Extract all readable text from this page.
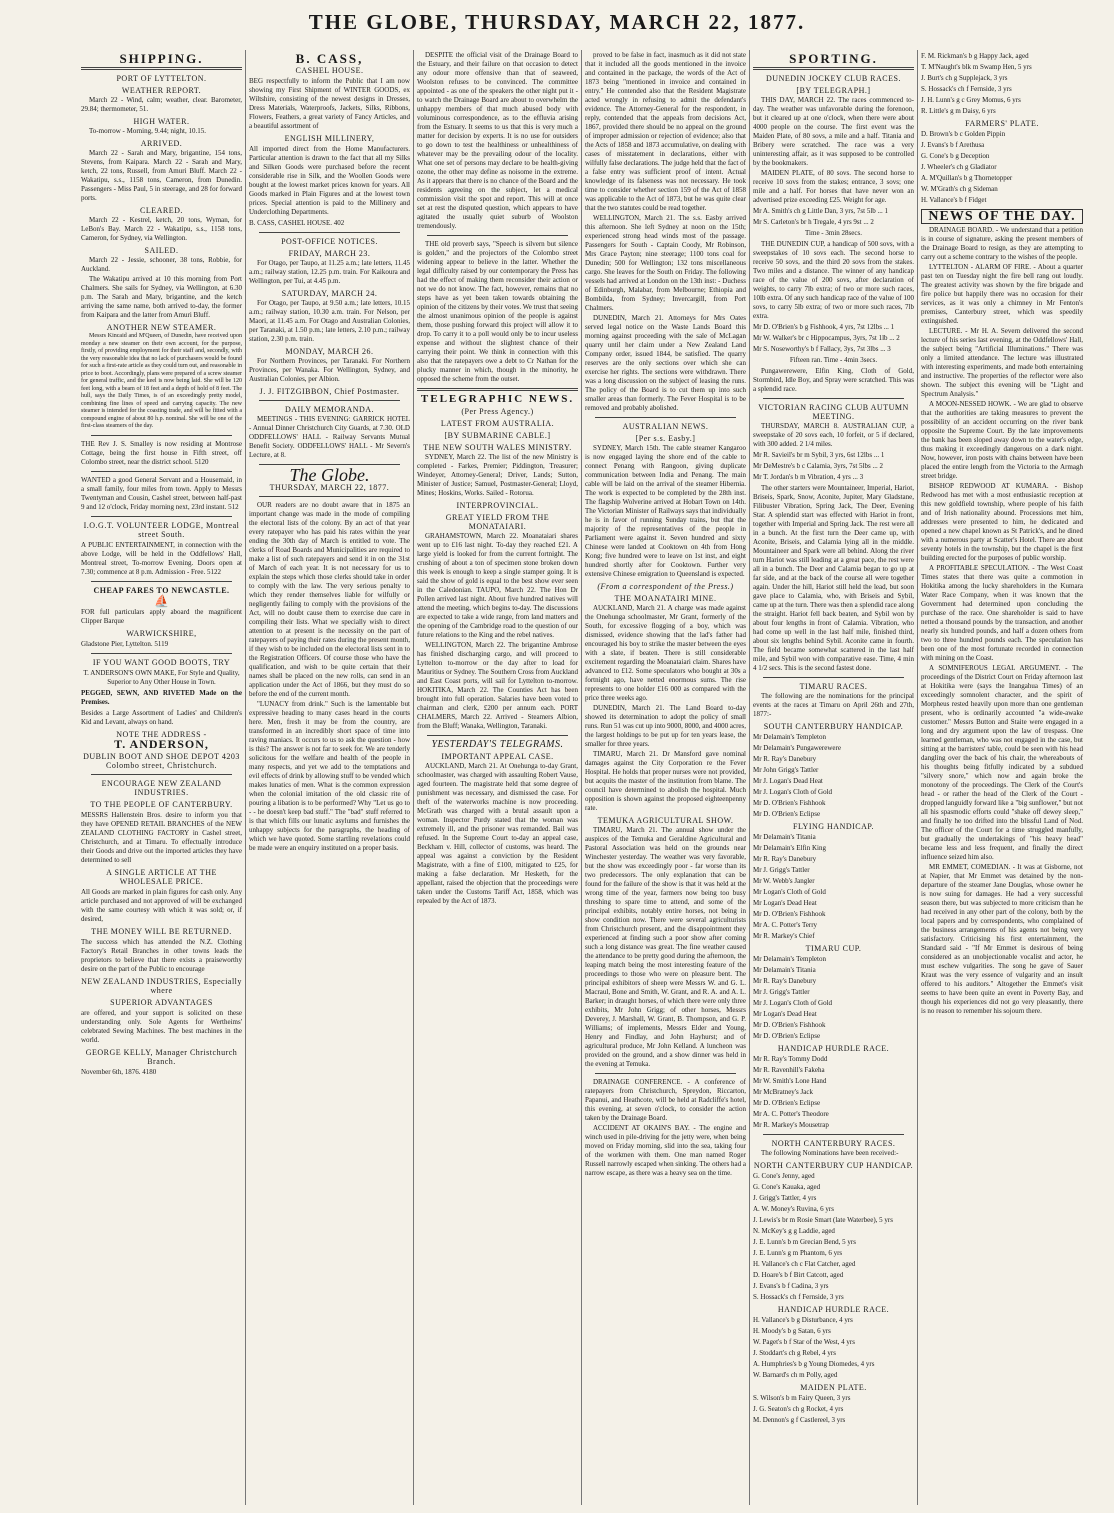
THE GLOBE, THURSDAY, MARCH 22, 1877.
SHIPPING.
PORT OF LYTTELTON.
WEATHER REPORT.
March 22 - Wind, calm; weather, clear. Barometer, 29.84; thermometer, 51.
HIGH WATER.
To-morrow - Morning, 9.44; night, 10.15.
ARRIVED.
March 22 - Sarah and Mary, brigantine, 154 tons, Stevens, from Kaipara. March 22 - Sarah and Mary, ketch, 22 tons, Russell, from Amuri Bluff. March 22 - Wakatipu, s.s., 1158 tons, Cameron, from Dunedin. Passengers - Miss Paul, 5 in steerage, and 28 for forward ports.
CLEARED.
March 22 - Kestrel, ketch, 20 tons, Wyman, for LeBon's Bay. March 22 - Wakatipu, s.s., 1158 tons, Cameron, for Sydney, via Wellington.
SAILED.
March 22 - Jessie, schooner, 38 tons, Robbie, for Auckland.
The Wakatipu arrived at 10 this morning from Port Chalmers. She sails for Sydney, via Wellington, at 6.30 p.m. The Sarah and Mary, brigantine, and the ketch arriving the same name, both arrived to-day, the former from Kaipara and the latter from Amuri Bluff.
ANOTHER NEW STEAMER.
Messrs Kincaid and M'Queen, of Dunedin, have received upon monday a new steamer on their own account, for the purpose, firstly, of providing employment for their staff and, secondly, with the very reasonable idea that no lack of purchasers would be found for such a first-rate article as they could turn out, and reasonable in price to boot. Accordingly, plans were prepared of a screw steamer for general traffic, and the keel is now being laid. She will be 120 feet long, with a beam of 18 feet and a depth of hold of 8 feet. The hull, says the Daily Times, is of an exceedingly pretty model, combining fine lines of speed and carrying capacity. The new steamer is intended for the coasting trade, and will be fitted with a compound engine of about 80 h.p. nominal. She will be one of the first-class steamers of the day.
THE Rev J. S. Smalley is now residing at Montrose Cottage, being the first house in Fifth street, off Colombo street, near the district school. 5120
WANTED a good General Servant and a Housemaid, in a small family, four miles from town. Apply to Messrs Twentyman and Cousin, Cashel street, between half-past 9 and 12 o'clock, Friday morning next, 23rd instant. 512
I.O.G.T. VOLUNTEER LODGE, Montreal street South.
A PUBLIC ENTERTAINMENT, in connection with the above Lodge, will be held in the Oddfellows' Hall, Montreal street, To-morrow Evening. Doors open at 7.30; commence at 8 p.m. Admission - Free. 5122
CHEAP FARES TO NEWCASTLE.
⛵
FOR full particulars apply aboard the magnificent Clipper Barque
WARWICKSHIRE,
Gladstone Pier, Lyttelton. 5119
IF YOU WANT GOOD BOOTS, TRY
T. ANDERSON'S OWN MAKE, For Style and Quality, Superior to Any Other House in Town.
PEGGED, SEWN, AND RIVETED Made on the Premises.
Besides a Large Assortment of Ladies' and Children's Kid and Levant, always on hand.
NOTE THE ADDRESS -
T. ANDERSON,
DUBLIN BOOT AND SHOE DEPOT 4203 Colombo street, Christchurch.
ENCOURAGE NEW ZEALAND INDUSTRIES.
TO THE PEOPLE OF CANTERBURY.
MESSRS Hallenstein Bros. desire to inform you that they have OPENED RETAIL BRANCHES of the NEW ZEALAND CLOTHING FACTORY in Cashel street, Christchurch, and at Timaru. To effectually introduce their Goods and drive out the imported articles they have determined to sell
A SINGLE ARTICLE AT THE WHOLESALE PRICE.
All Goods are marked in plain figures for cash only. Any article purchased and not approved of will be exchanged with the same courtesy with which it was sold; or, if desired,
THE MONEY WILL BE RETURNED.
The success which has attended the N.Z. Clothing Factory's Retail Branches in other towns leads the proprietors to believe that there exists a praiseworthy desire on the part of the Public to encourage
NEW ZEALAND INDUSTRIES, Especially where
SUPERIOR ADVANTAGES
are offered, and your support is solicited on these understanding only. Sole Agents for Wertheims' celebrated Sewing Machines. The best machines in the world.
GEORGE KELLY, Manager Christchurch Branch.
November 6th, 1876. 4180
B. CASS,
CASHEL HOUSE.
BEG respectfully to inform the Public that I am now showing my First Shipment of WINTER GOODS, ex Wiltshire, consisting of the newest designs in Dresses, Dress Materials, Waterproofs, Jackets, Silks, Ribbons, Flowers, Feathers, a great variety of Fancy Articles, and a beautiful assortment of
ENGLISH MILLINERY,
All imported direct from the Home Manufacturers. Particular attention is drawn to the fact that all my Silks and Silken Goods were purchased before the recent considerable rise in Silk, and the Woollen Goods were bought at the lowest market prices known for years. All Goods marked in Plain Figures and at the lowest town prices. Special attention is paid to the Millinery and Underclothing Departments.
B. CASS, CASHEL HOUSE. 402
POST-OFFICE NOTICES.
FRIDAY, MARCH 23.
For Otago, per Taupo, at 11.25 a.m.; late letters, 11.45 a.m.; railway station, 12.25 p.m. train. For Kaikoura and Wellington, per Tui, at 4.45 p.m.
SATURDAY, MARCH 24.
For Otago, per Taupo, at 9.50 a.m.; late letters, 10.15 a.m.; railway station, 10.30 a.m. train. For Nelson, per Maori, at 11.45 a.m. For Otago and Australian Colonies, per Taranaki, at 1.50 p.m.; late letters, 2.10 p.m.; railway station, 2.30 p.m. train.
MONDAY, MARCH 26.
For Northern Provinces, per Taranaki. For Northern Provinces, per Wanaka. For Wellington, Sydney, and Australian Colonies, per Albion.
J. J. FITZGIBBON, Chief Postmaster.
DAILY MEMORANDA.
MEETINGS - THIS EVENING: GARRICK HOTEL - Annual Dinner Christchurch City Guards, at 7.30. OLD ODDFELLOWS' HALL - Railway Servants Mutual Benefit Society. ODDFELLOWS' HALL - Mr Severn's Lecture, at 8.
The Globe.
THURSDAY, MARCH 22, 1877.
OUR readers are no doubt aware that in 1875 an important change was made in the mode of compiling the electoral lists of the colony. By an act of that year every ratepayer who has paid his rates within the year ending the 30th day of March is entitled to vote. The clerks of Road Boards and Municipalities are required to make a list of such ratepayers and send it in on the 31st of March of each year. It is not necessary for us to explain the steps which those clerks should take in order to comply with the law. The very serious penalty to which they render themselves liable for wilfully or negligently failing to comply with the provisions of the Act, will no doubt cause them to exercise due care in compiling their lists. What we specially wish to direct attention to at present is the necessity on the part of ratepayers of paying their rates during the present month, if they wish to be included on the electoral lists sent in to the Registration Officers. Of course those who have the qualification, and wish to be quite certain that their names shall be placed on the new rolls, can send in an application under the Act of 1866, but they must do so before the end of the current month.
"LUNACY from drink." Such is the lamentable but expressive heading to many cases heard in the courts here. Men, fresh it may be from the country, are transformed in an incredibly short space of time into raving maniacs. It occurs to us to ask the question - how is this? The answer is not far to seek for. We are tenderly solicitous for the welfare and health of the people in many respects, and yet we add to the temptations and evil effects of drink by allowing stuff to be vended which makes lunatics of men. What is the common expression when the colonial imitation of the old classic rite of pouring a libation is to be performed? Why "Let us go to - - he doesn't keep bad stuff." The "bad" stuff referred to is that which fills our lunatic asylums and furnishes the unhappy subjects for the paragraphs, the heading of which we have quoted. Some startling revelations could be made were an enquiry instituted on a proper basis.
DESPITE the official visit of the Drainage Board to the Estuary, and their failure on that occasion to detect any odour more offensive than that of seaweed, Woolston refuses to be convinced. The committee appointed - as one of the speakers the other night put it - to watch the Drainage Board are about to overwhelm the unhappy members of that much abused body with voluminous correspondence, as to the effluvia arising from the Estuary. It seems to us that this is very much a matter for decision by experts. It is no use for outsiders to go down to test the healthiness or unhealthiness of whatever may be the prevailing odour of the locality. What one set of persons may declare to be health-giving ozone, the other may define as noisome in the extreme. As it appears that there is no chance of the Board and the residents agreeing on the subject, let a medical commission visit the spot and report. This will at once set at rest the disputed question, which appears to have agitated the usually quiet suburb of Woolston tremendously.
THE old proverb says, "Speech is silvern but silence is golden," and the projectors of the Colombo street widening appear to believe in the latter. Whether the legal difficulty raised by our contemporary the Press has had the effect of making them reconsider their action or not we do not know. The fact, however, remains that no steps have as yet been taken towards obtaining the opinion of the citizens by their votes. We trust that seeing the almost unanimous opinion of the people is against them, those pushing forward this project will allow it to drop. To carry it to a poll would only be to incur useless expense and without the slightest chance of their carrying their point. We think in connection with this also that the ratepayers owe a debt to Cr Nathan for the plucky manner in which, though in the minority, he opposed the scheme from the outset.
TELEGRAPHIC NEWS.
(Per Press Agency.)
LATEST FROM AUSTRALIA.
[BY SUBMARINE CABLE.]
THE NEW SOUTH WALES MINISTRY.
SYDNEY, March 22. The list of the new Ministry is completed - Farkes, Premier; Piddington, Treasurer; Windeyer, Attorney-General; Driver, Lands; Sutton, Minister of Justice; Samuel, Postmaster-General; Lloyd, Mines; Hoskins, Works. Sailed - Rotorua.
INTERPROVINCIAL.
GREAT YIELD FROM THE MONATAIARI.
GRAHAMSTOWN, March 22. Moanataiari shares went up to £16 last night. To-day they reached £21. A large yield is looked for from the current fortnight. The crushing of about a ton of specimen stone broken down this week is enough to keep a single stamper going. It is said the show of gold is equal to the best show ever seen in the Caledonian. TAUPO, March 22. The Hon Dr Pollen arrived last night. About five hundred natives will attend the meeting, which begins to-day. The discussions are expected to take a wide range, from land matters and the opening of the Cambridge road to the question of our future relations to the King and the rebel natives.
WELLINGTON, March 22. The brigantine Ambrose has finished discharging cargo, and will proceed to Lyttelton to-morrow or the day after to load for Mauritius or Sydney. The Southern Cross from Auckland and East Coast ports, will sail for Lyttelton to-morrow. HOKITIKA, March 22. The Counties Act has been brought into full operation. Salaries have been voted to chairman and clerk, £200 per annum each. PORT CHALMERS, March 22. Arrived - Steamers Albion, from the Bluff; Wanaka, Wellington, Taranaki.
YESTERDAY'S TELEGRAMS.
IMPORTANT APPEAL CASE.
AUCKLAND, March 21. At Onehunga to-day Grant, schoolmaster, was charged with assaulting Robert Vause, aged fourteen. The magistrate held that some degree of punishment was necessary, and dismissed the case. For theft of the waterworks machine is now proceeding. McGrath was charged with a brutal assault upon a woman. Inspector Purdy stated that the woman was extremely ill, and the prisoner was remanded. Bail was refused. In the Supreme Court to-day an appeal case, Beckham v. Hill, collector of customs, was heard. The appeal was against a conviction by the Resident Magistrate, with a fine of £100, mitigated to £25, for making a false declaration. Mr Hesketh, for the appellant, raised the objection that the proceedings were taken under the Customs Tariff Act, 1858, which was repealed by the Act of 1873.
proved to be false in fact, inasmuch as it did not state that it included all the goods mentioned in the invoice and contained in the package, the words of the Act of 1873 being "mentioned in invoice and contained in entry." He contended also that the Resident Magistrate acted wrongly in refusing to admit the defendant's evidence. The Attorney-General for the respondent, in reply, contended that the appeals from decisions Act, 1867, provided there should be no appeal on the ground of improper admission or rejection of evidence; also that the Acts of 1858 and 1873 accumulative, on dealing with cases of misstatement in declarations, either with wilfully false declarations. The judge held that the fact of a false entry was sufficient proof of intent. Actual knowledge of its falseness was not necessary. He took time to consider whether section 159 of the Act of 1858 was applicable to the Act of 1873, but he was quite clear that the two statutes could be read together.
WELLINGTON, March 21. The s.s. Easby arrived this afternoon. She left Sydney at noon on the 15th; experienced strong head winds most of the passage. Passengers for South - Captain Coody, Mr Robinson, Mrs Grace Payton; nine steerage; 1100 tons coal for Dunedin; 500 for Wellington; 132 tons miscellaneous cargo. She leaves for the South on Friday. The following vessels had arrived at London on the 13th inst: - Duchess of Edinburgh, Malabar, from Melbourne; Ethiopia and Bombilda, from Sydney; Invercargill, from Port Chalmers.
DUNEDIN, March 21. Attorneys for Mrs Oates served legal notice on the Waste Lands Board this morning against proceeding with the sale of McLagan quarry until her claim under a New Zealand Land Company order, issued 1844, be satisfied. The quarry reserves are the only sections over which she can exercise her rights. The sections were withdrawn. There was a long discussion on the subject of leasing the runs. The policy of the Board is to cut them up into such smaller areas than formerly. The Fever Hospital is to be removed and probably abolished.
AUSTRALIAN NEWS.
[Per s.s. Easby.]
SYDNEY, March 15th. The cable steamer Kangaroo is now engaged laying the shore end of the cable to connect Penang with Rangoon, giving duplicate communication between India and Penang. The main cable will be laid on the arrival of the steamer Hibernia. The work is expected to be completed by the 28th inst. The flagship Wolverine arrived at Hobart Town on 14th. The Victorian Minister of Railways says that individually he is in favor of running Sunday trains, but that the majority of the representatives of the people in Parliament were against it. Seven hundred and sixty Chinese were landed at Cooktown on 4th from Hong Kong; five hundred were to leave on 1st inst, and eight hundred shortly after for Cooktown. Further very extensive Chinese emigration to Queensland is expected.
(From a correspondent of the Press.)
THE MOANATAIRI MINE.
AUCKLAND, March 21. A charge was made against the Onehunga schoolmaster, Mr Grant, formerly of the South, for excessive flogging of a boy, which was dismissed, evidence showing that the lad's father had encouraged his boy to strike the master between the eyes with a slate, if beaten. There is still considerable excitement regarding the Moanataiari claim. Shares have advanced to £12. Some speculators who bought at 30s a fortnight ago, have netted enormous sums. The rise represents to one holder £16 000 as compared with the price three weeks ago.
DUNEDIN, March 21. The Land Board to-day showed its determination to adopt the policy of small runs. Run 51 was cut up into 9000, 8000, and 4000 acres, the largest holdings to be put up for ten years lease, the smaller for three years.
TIMARU, March 21. Dr Mansford gave nominal damages against the City Corporation re the Fever Hospital. He holds that proper nurses were not provided, but acquits the master of the institution from blame. The council have determined to abolish the hospital. Much opposition is shown against the proposed eighteenpenny rate.
TEMUKA AGRICULTURAL SHOW.
TIMARU, March 21. The annual show under the auspices of the Temuka and Geraldine Agricultural and Pastoral Association was held on the grounds near Winchester yesterday. The weather was very favorable, but the show was exceedingly poor - far worse than its two predecessors. The only explanation that can be found for the failure of the show is that it was held at the wrong time of the year, farmers now being too busy threshing to spare time to attend, and some of the principal exhibits, notably entire horses, not being in show condition now. There were several agriculturists from Christchurch present, and the disappointment they experienced at finding such a poor show after coming such a long distance was great. The fine weather caused the attendance to be pretty good during the afternoon, the leaping match being the most interesting feature of the proceedings to those who were on pleasure bent. The principal exhibitors of sheep were Messrs W. and G. L. Macraul, Bone and Smith, W. Grant, and R. A. and A. L. Barker; in draught horses, of which there were only three exhibits, Mr John Grigg; of other horses, Messrs Deverey, J. Marshall, W. Grant, B. Thompson, and G. P. Williams; of implements, Messrs Elder and Young, Henry and Findlay, and John Hayhurst; and of agricultural produce, Mr John Kelland. A luncheon was provided on the ground, and a show dinner was held in the evening at Temuka.
DRAINAGE CONFERENCE. - A conference of ratepayers from Christchurch, Spreydon, Riccarton, Papanui, and Heathcote, will be held at Radcliffe's hotel, this evening, at seven o'clock, to consider the action taken by the Drainage Board.
ACCIDENT AT OKAIN'S BAY. - The engine and winch used in pile-driving for the jetty were, when being moved on Friday morning, slid into the sea, taking four of the workmen with them. One man named Roger Russell narrowly escaped when sinking. The others had a narrow escape, as there was a heavy sea on the time.
SPORTING.
DUNEDIN JOCKEY CLUB RACES.
[BY TELEGRAPH.]
THIS DAY, MARCH 22. The races commenced to-day. The weather was unfavorable during the forenoon, but it cleared up at one o'clock, when there were about 4000 people on the course. The first event was the Maiden Plate, of 80 sovs, a mile and a half. Titania and Bribery were scratched. The race was a very uninteresting affair, as it was supposed to be controlled by the bookmakers.
MAIDEN PLATE, of 80 sovs. The second horse to receive 10 sovs from the stakes; entrance, 3 sovs; one mile and a half. For horses that have never won an advertised prize exceeding £25. Weight for age.
Mr A. Smith's ch g Little Dan, 3 yrs, 7st 5lb ... 1
Mr S. Carleton's br h Tregale, 4 yrs 9st ... 2
Time - 3min 28secs.
THE DUNEDIN CUP, a handicap of 500 sovs, with a sweepstakes of 10 sovs each. The second horse to receive 50 sovs, and the third 20 sovs from the stakes. Two miles and a distance. The winner of any handicap race of the value of 200 sovs, after declaration of weights, to carry 7lb extra; of two or more such races, 10lb extra. Of any such handicap race of the value of 100 sovs, to carry 5lb extra; of two or more such races, 7lb extra.
Mr D. O'Brien's b g Fishhook, 4 yrs, 7st 12lbs ... 1
Mr W. Walker's br c Hippocampus, 3yrs, 7st 1lb ... 2
Mr S. Noseworthy's b f Fallacy, 3ys, 7st 3lbs ... 3
Fifteen ran. Time - 4min 3secs.
Pungawerewere, Elfin King, Cloth of Gold, Stormbird, Idle Boy, and Spray were scratched. This was a splendid race.
VICTORIAN RACING CLUB AUTUMN MEETING.
THURSDAY, MARCH 8. AUSTRALIAN CUP, a sweepstake of 20 sovs each, 10 forfeit, or 5 if declared, with 300 added. 2 1/4 miles.
Mr R. Savieil's br m Sybil, 3 yrs, 6st 12lbs ... 1
Mr DeMestre's b c Calamia, 3yrs, 7st 5lbs ... 2
Mr T. Jordan's b m Vibration, 4 yrs ... 3
The other starters were Mountaineer, Imperial, Hariot, Briseis, Spark, Snow, Aconite, Jupiter, Mary Gladstane, Filibuster Vibration, Spring Jack, The Deer, Evening Star. A splendid start was effected with Hariot in front, together with Imperial and Spring Jack. The rest were all in a bunch. At the first turn the Deer came up, with Aconite, Briseis, and Calamia lying all in the middle. Mountaineer and Spark were all behind. Along the river turn Hariot was still leading at a great pace, the rest were all in a bunch. The Deer and Calamia began to go up at far side, and at the back of the course all were together again. Under the hill, Hariot still held the lead, but soon gave place to Calamia, who, with Briseis and Sybil, came up at the turn. There was then a splendid race along the straight. Hariot fell back beaten, and Sybil won by about four lengths in front of Calamia. Vibration, who had come up well in the last half mile, finished third, about six lengths behind Sybil. Aconite came in fourth. The field became somewhat scattered in the last half mile, and Sybil won with comparative ease. Time, 4 min 4 1/2 secs. This is the second fastest done.
TIMARU RACES.
The following are the nominations for the principal events at the races at Timaru on April 26th and 27th, 1877:-
SOUTH CANTERBURY HANDICAP.
Mr Delamain's Templeton
Mr Delamain's Pungawerewere
Mr R. Ray's Danebury
Mr John Grigg's Tattler
Mr J. Logan's Dead Heat
Mr J. Logan's Cloth of Gold
Mr D. O'Brien's Fishhook
Mr D. O'Brien's Eclipse
FLYING HANDICAP.
Mr Delamain's Titania
Mr Delamain's Elfin King
Mr R. Ray's Danebury
Mr J. Grigg's Tattler
Mr W. Webb's Jangler
Mr Logan's Cloth of Gold
Mr Logan's Dead Heat
Mr D. O'Brien's Fishhook
Mr A. C. Potter's Terry
Mr R. Markey's Chief
TIMARU CUP.
Mr Delamain's Templeton
Mr Delamain's Titania
Mr R. Ray's Danebury
Mr J. Grigg's Tattler
Mr J. Logan's Cloth of Gold
Mr Logan's Dead Heat
Mr D. O'Brien's Fishhook
Mr D. O'Brien's Eclipse
HANDICAP HURDLE RACE.
Mr R. Ray's Tommy Dodd
Mr R. Ravenhill's Fakeha
Mr W. Smith's Lone Hand
Mr McBratney's Jack
Mr D. O'Brien's Eclipse
Mr A. C. Potter's Theodore
Mr R. Markey's Mousetrap
NORTH CANTERBURY RACES.
The following Nominations have been received:-
NORTH CANTERBURY CUP HANDICAP.
G. Cone's Jenny, aged
G. Cone's Kauaka, aged
J. Grigg's Tattler, 4 yrs
A. W. Money's Ruvina, 6 yrs
J. Lewis's br m Rosie Smart (late Waterbee), 5 yrs
N. McKey's g g Laddie, aged
J. E. Lunn's b m Grecian Bend, 5 yrs
J. E. Lunn's g m Phantom, 6 yrs
H. Vallance's ch c Flat Catcher, aged
D. Hoare's b f Birt Catcott, aged
J. Evans's b f Cadina, 3 yrs
S. Hossack's ch f Fernside, 3 yrs
HANDICAP HURDLE RACE.
H. Vallance's b g Disturbance, 4 yrs
H. Moody's b g Satan, 6 yrs
W. Paget's b f Star of the West, 4 yrs
J. Stoddart's ch g Rebel, 4 yrs
A. Humphries's b g Young Diomedes, 4 yrs
W. Barnard's ch m Polly, aged
MAIDEN PLATE.
S. Wilson's b m Fairy Queen, 3 yrs
J. G. Seaton's ch g Rocket, 4 yrs
M. Dennon's g f Castlereel, 3 yrs
F. M. Rickman's b g Happy Jack, aged
T. M'Naught's blk m Swamp Hen, 5 yrs
J. Burt's ch g Supplejack, 3 yrs
S. Hossack's ch f Fernside, 3 yrs
J. H. Lunn's g c Grey Momus, 6 yrs
R. Little's g m Daisy, 6 yrs
FARMERS' PLATE.
D. Brown's b c Golden Pippin
J. Evans's b f Arethusa
G. Cone's b g Deception
J. Wheeler's ch g Gladiator
A. M'Quillan's b g Thornetopper
W. M'Grath's ch g Sideman
H. Vallance's b f Fidget
NEWS OF THE DAY.
DRAINAGE BOARD. - We understand that a petition is in course of signature, asking the present members of the Drainage Board to resign, as they are attempting to carry out a scheme contrary to the wishes of the people.
LYTTELTON - ALARM OF FIRE. - About a quarter past ten on Tuesday night the fire bell rang out loudly. The greatest activity was shown by the fire brigade and fire police but happily there was no occasion for their services, as it was only a chimney in Mr Fenton's premises, Canterbury street, which was speedily extinguished.
LECTURE. - Mr H. A. Severn delivered the second lecture of his series last evening, at the Oddfellows' Hall, the subject being "Artificial Illuminations." There was only a limited attendance. The lecture was illustrated with interesting experiments, and made both entertaining and instructive. The properties of the reflector were also shown. The subject this evening will be "Light and Spectrum Analysis."
A MOON-NESSED HOWK. - We are glad to observe that the authorities are taking measures to prevent the possibility of an accident occurring on the river bank opposite the Supreme Court. By the late improvements the bank has been sloped away down to the water's edge, thus making it exceedingly dangerous on a dark night. Now, however, iron posts with chains between have been placed the entire length from the Victoria to the Armagh street bridge.
BISHOP REDWOOD AT KUMARA. - Bishop Redwood has met with a most enthusiastic reception at this new goldfield township, where people of his faith and of Irish nationality abound. Processions met him, addresses were presented to him, he dedicated and opened a new chapel known as St Patrick's, and he dined with a numerous party at Scatter's Hotel. There are about seventy hotels in the township, but the chapel is the first building erected for the purposes of public worship.
A PROFITABLE SPECULATION. - The West Coast Times states that there was quite a commotion in Hokitika among the lucky shareholders in the Kumara Water Race Company, when it was known that the Government had determined upon concluding the purchase of the race. One shareholder is said to have netted a thousand pounds by the transaction, and another nearly six hundred pounds, and half a dozen others from two to three hundred pounds each. The speculation has been one of the most fortunate recorded in connection with mining on the Coast.
A SOMNIFEROUS LEGAL ARGUMENT. - The proceedings of the District Court on Friday afternoon last at Hokitika were (says the Inangahua Times) of an exceedingly somnolent character, and the spirit of Morpheus rested heavily upon more than one gentleman present, who is ordinarily accounted "a wide-awake customer." Messrs Button and Staite were engaged in a long and dry argument upon the law of trespass. One learned gentleman, who was not engaged in the case, but sitting at the barristers' table, could be seen with his head dangling over the back of his chair, the whereabouts of his thoughts being fitfully indicated by a subdued "silvery snore," which now and again broke the monotony of the proceedings. The Clerk of the Court's head - or rather the head of the Clerk of the Court - dropped languidly forward like a "big sunflower," but not all his spasmodic efforts could "shake off dewey sleep," and finally he too drifted into the blissful Land of Nod. The officer of the Court for a time struggled manfully, but gradually the undertakings of "his heavy head" became less and less frequent, and finally the direct influence seized him also.
MR EMMET, COMEDIAN. - It was at Gisborne, not at Napier, that Mr Emmet was detained by the non-departure of the steamer Jane Douglas, whose owner he is now suing for damages. He had a very successful season there, but was subjected to more criticism than he had received in any other part of the colony, both by the local papers and by correspondents, who complained of the business arrangements of his agents not being very satisfactory. Criticising his first entertainment, the Standard said - "If Mr Emmet is desirous of being considered as an unobjectionable vocalist and actor, he must eschew vulgarities. The song he gave of Sauer Kraut was the very essence of vulgarity and an insult offered to his auditors." Altogether the Emmet's visit seems to have been quite an event in Poverty Bay, and though his experiences did not go very pleasantly, there is no reason to remember his sojourn there.
